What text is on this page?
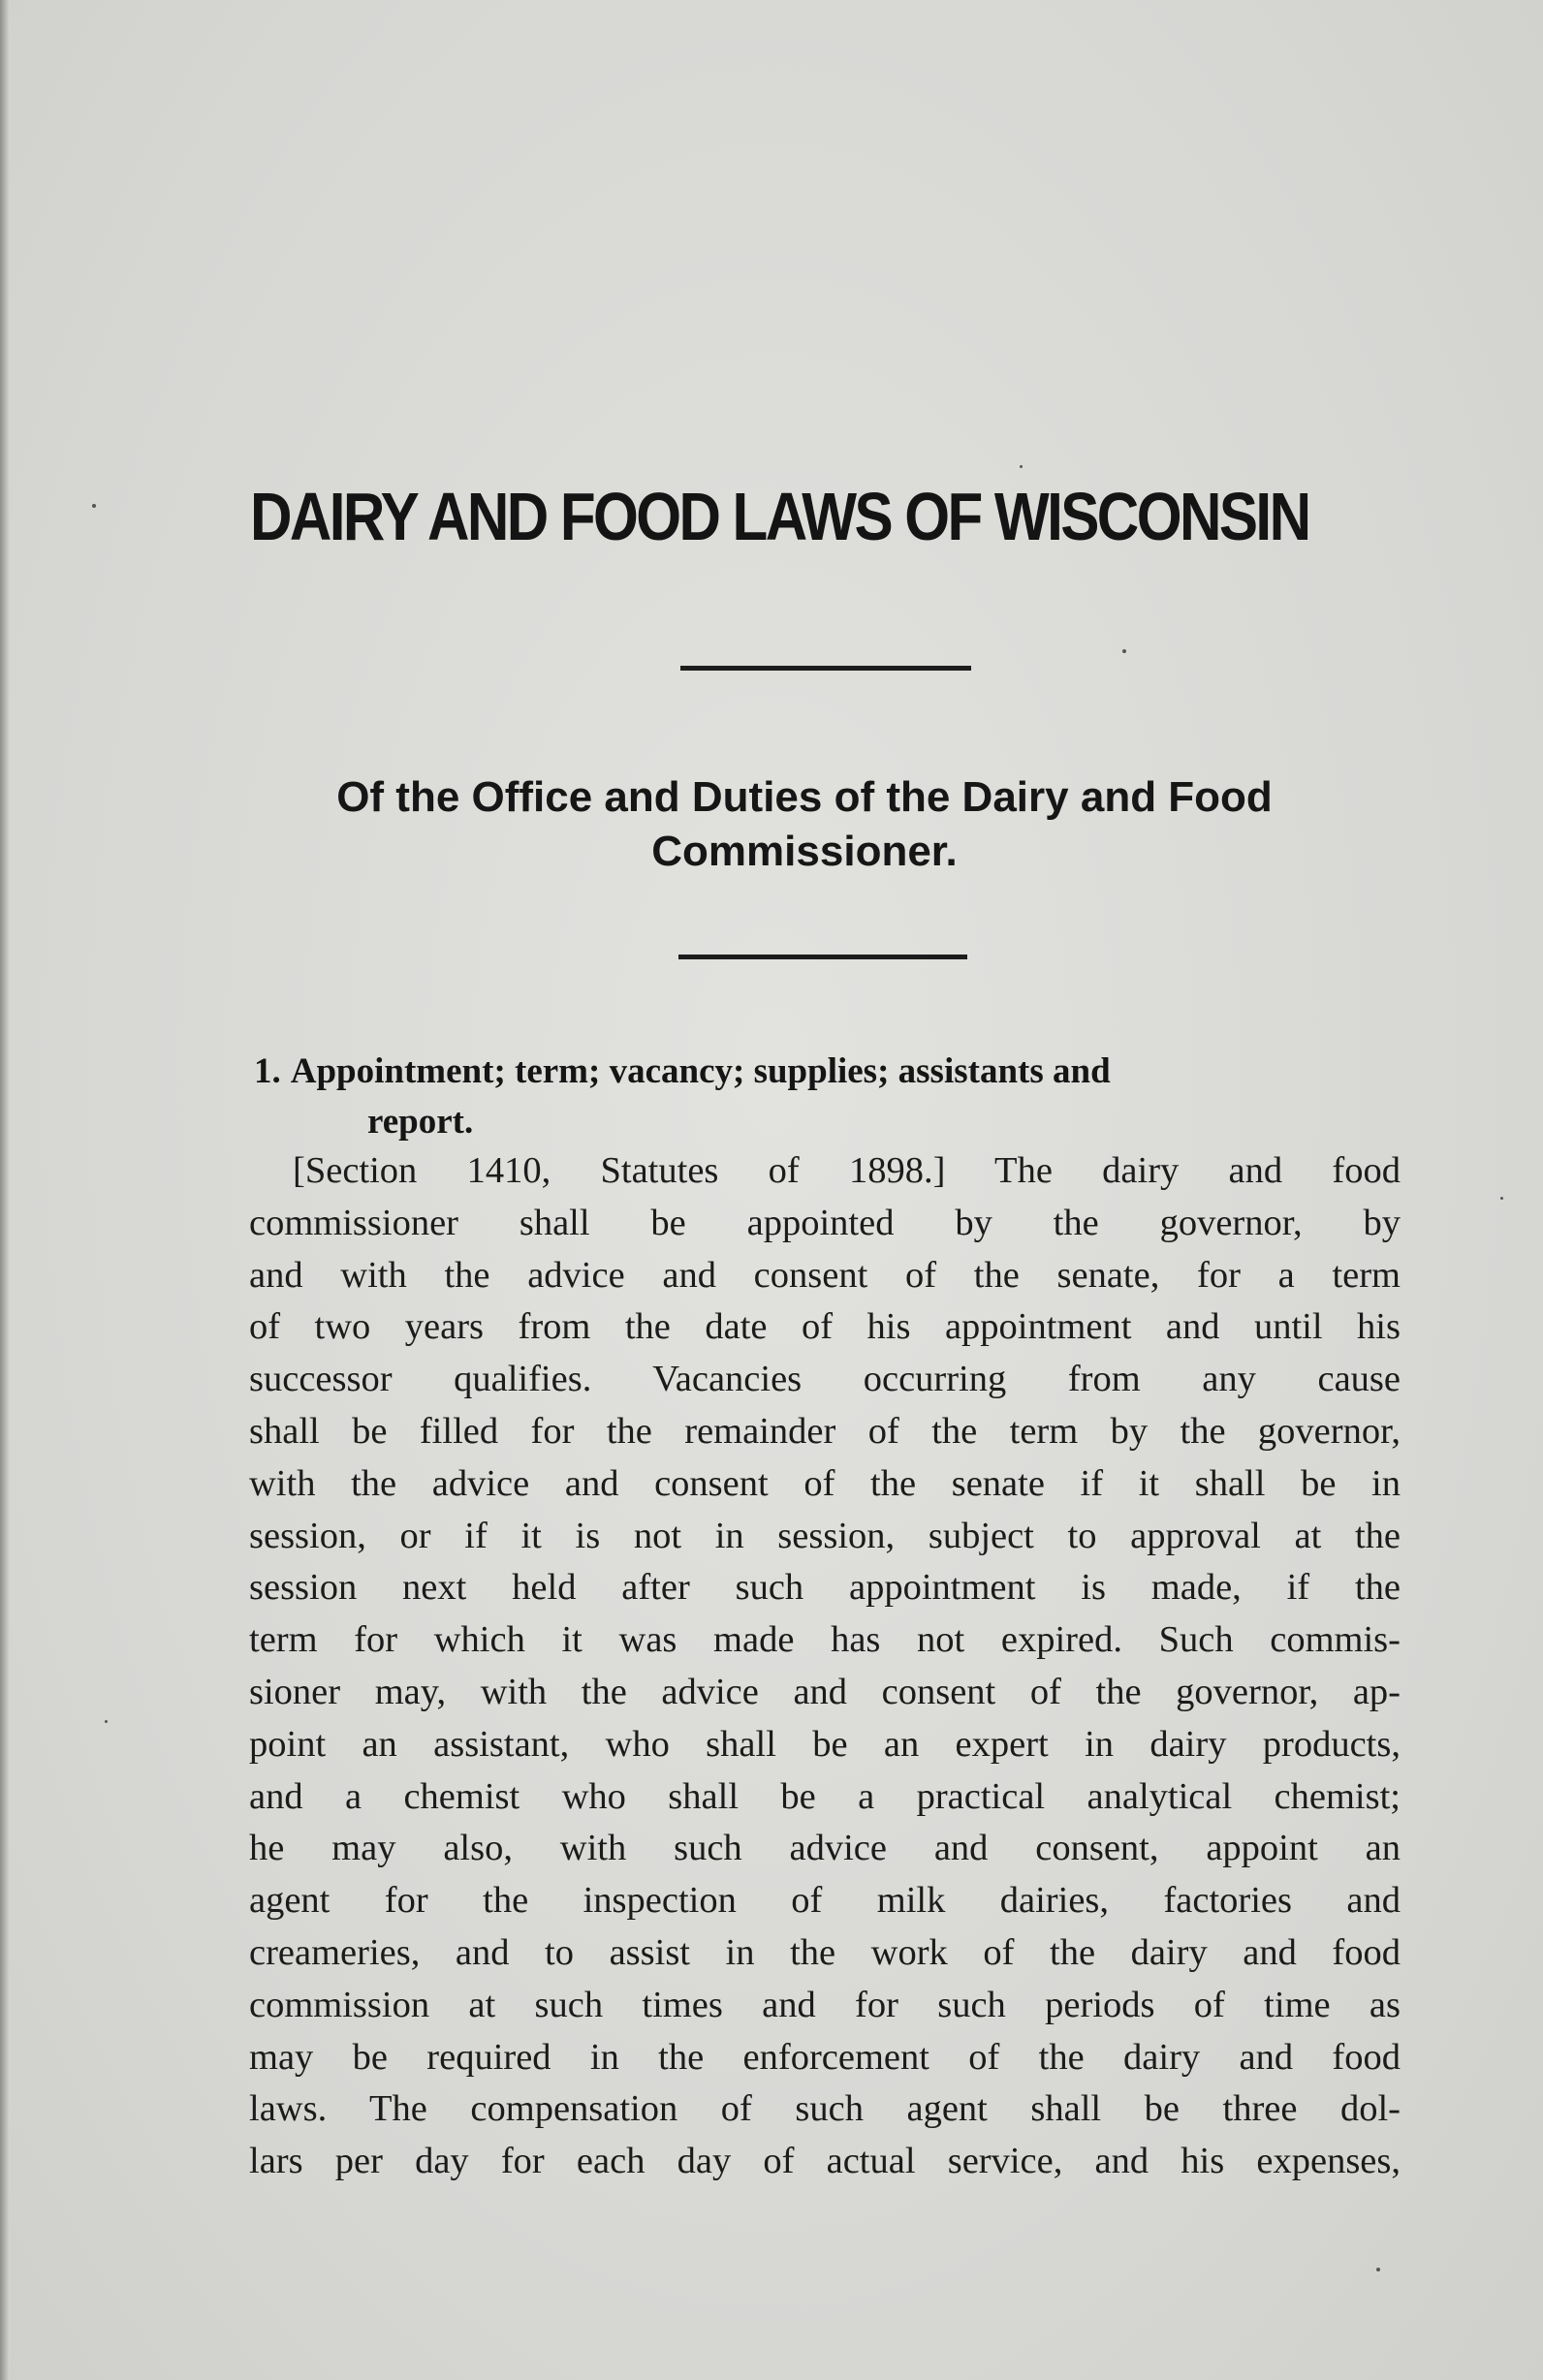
DAIRY AND FOOD LAWS OF WISCONSIN
Of the Office and Duties of the Dairy and Food
Commissioner.
1. Appointment; term; vacancy; supplies; assistants and
report.
[Section 1410, Statutes of 1898.] The dairy and food
commissioner shall be appointed by the governor, by
and with the advice and consent of the senate, for a term
of two years from the date of his appointment and until his
successor qualifies. Vacancies occurring from any cause
shall be filled for the remainder of the term by the governor,
with the advice and consent of the senate if it shall be in
session, or if it is not in session, subject to approval at the
session next held after such appointment is made, if the
term for which it was made has not expired. Such commis-
sioner may, with the advice and consent of the governor, ap-
point an assistant, who shall be an expert in dairy products,
and a chemist who shall be a practical analytical chemist;
he may also, with such advice and consent, appoint an
agent for the inspection of milk dairies, factories and
creameries, and to assist in the work of the dairy and food
commission at such times and for such periods of time as
may be required in the enforcement of the dairy and food
laws. The compensation of such agent shall be three dol-
lars per day for each day of actual service, and his expenses,
